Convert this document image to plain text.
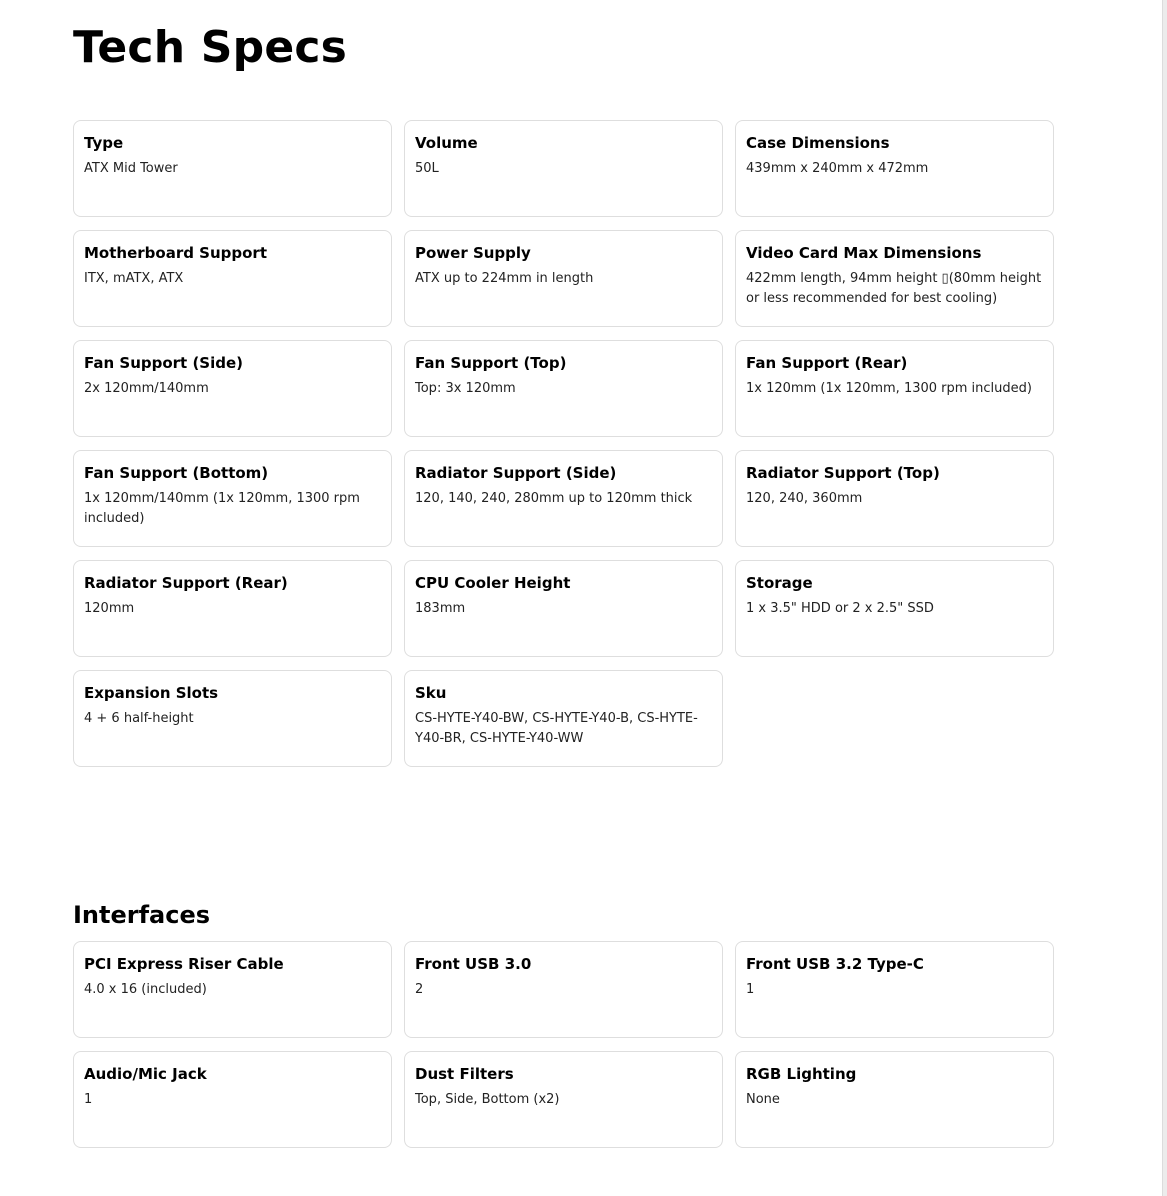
Tech Specs
Type
ATX Mid Tower
Volume
50L
Case Dimensions
439mm x 240mm x 472mm
Motherboard Support
ITX, mATX, ATX
Power Supply
ATX up to 224mm in length
Video Card Max Dimensions
422mm length, 94mm height ▯(80mm height or less recommended for best cooling)
Fan Support (Side)
2x 120mm/140mm
Fan Support (Top)
Top: 3x 120mm
Fan Support (Rear)
1x 120mm (1x 120mm, 1300 rpm included)
Fan Support (Bottom)
1x 120mm/140mm (1x 120mm, 1300 rpm included)
Radiator Support (Side)
120, 140, 240, 280mm up to 120mm thick
Radiator Support (Top)
120, 240, 360mm
Radiator Support (Rear)
120mm
CPU Cooler Height
183mm
Storage
1 x 3.5" HDD or 2 x 2.5" SSD
Expansion Slots
4 + 6 half-height
Sku
CS-HYTE-Y40-BW, CS-HYTE-Y40-B, CS-HYTE-Y40-BR, CS-HYTE-Y40-WW
Interfaces
PCI Express Riser Cable
4.0 x 16 (included)
Front USB 3.0
2
Front USB 3.2 Type-C
1
Audio/Mic Jack
1
Dust Filters
Top, Side, Bottom (x2)
RGB Lighting
None
